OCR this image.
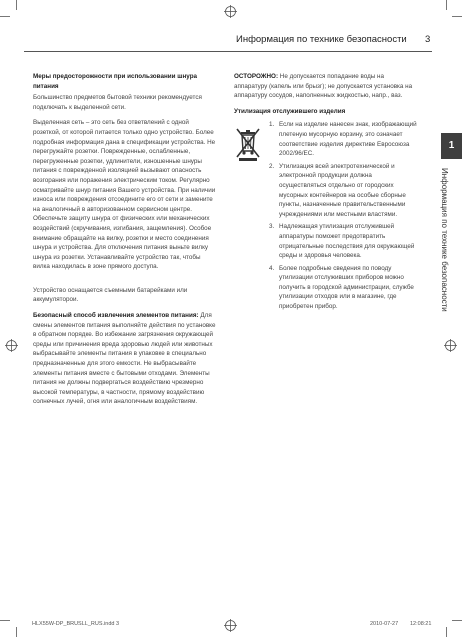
Информация по технике безопасности 3
Меры предосторожности при использовании шнура питания

Большинство предметов бытовой техники рекомендуется подключать к выделенной сети.

Выделенная сеть – это сеть без ответвлений с одной розеткой, от которой питается только одно устройство. Более подробная информация дана в спецификации устройства. Не перегружайте розетки. Поврежденные, ослабленные, перегруженные розетки, удлинители, изношенные шнуры питания с поврежденной изоляцией вызывают опасность возгорания или поражения электрическим током. Регулярно осматривайте шнур питания Вашего устройства. При наличии износа или повреждения отсоедините его от сети и замените на аналогичный в авторизованном сервисном центре. Обеспечьте защиту шнура от физических или механических воздействий (скручивания, изгибания, защемления). Особое внимание обращайте на вилку, розетки и место соединения шнура и устройства. Для отключения питания выньте вилку шнура из розетки. Устанавливайте устройство так, чтобы вилка находилась в зоне прямого доступа.

Устройство оснащается съемными батарейками или аккумуляторои.

Безопасный способ извлечения элементов питания: Для смены элементов питания выполняйте действия по установке в обратном порядке. Во избежание загрязнения окружающей среды или причинения вреда здоровью людей или животных выбрасывайте элементы питания в упаковке в специально предназначенные для этого емкости. Не выбрасывайте элементы питания вместе с бытовыми отходами. Элементы питания не должны подвергаться воздействию чрезмерно высокой температуры, в частности, прямому воздействию солнечных лучей, огня или аналогичным воздействиям.

ОСТОРОЖНО: Не допускается попадание воды на аппаратуру (капель или брызг); не допускается установка на аппаратуру сосудов, наполненных жидкостью, напр., ваз.

Утилизация отслужившего изделия
1. Если на изделие нанесен знак, изображающий плетеную мусорную корзину, это означает соответствие изделия директиве Евросоюза 2002/96/ЕС.
2. Утилизация всей электротехнической и электронной продукции должна осуществляться отдельно от городских мусорных контейнеров на особые сборные пункты, назначенные правительственными учреждениями или местными властями.
3. Надлежащая утилизация отслужившей аппаратуры поможет предотвратить отрицательные последствия для окружающей среды и здоровья человека.
4. Более подробные сведения по поводу утилизации отслуживших приборов можно получить в городской администрации, службе утилизации отходов или в магазине, где приобретен прибор.
1
Информация по технике безопасности
HLX55W-DP_BRUSLL_RUS.indd 3	2010-07-27 12:08:21
